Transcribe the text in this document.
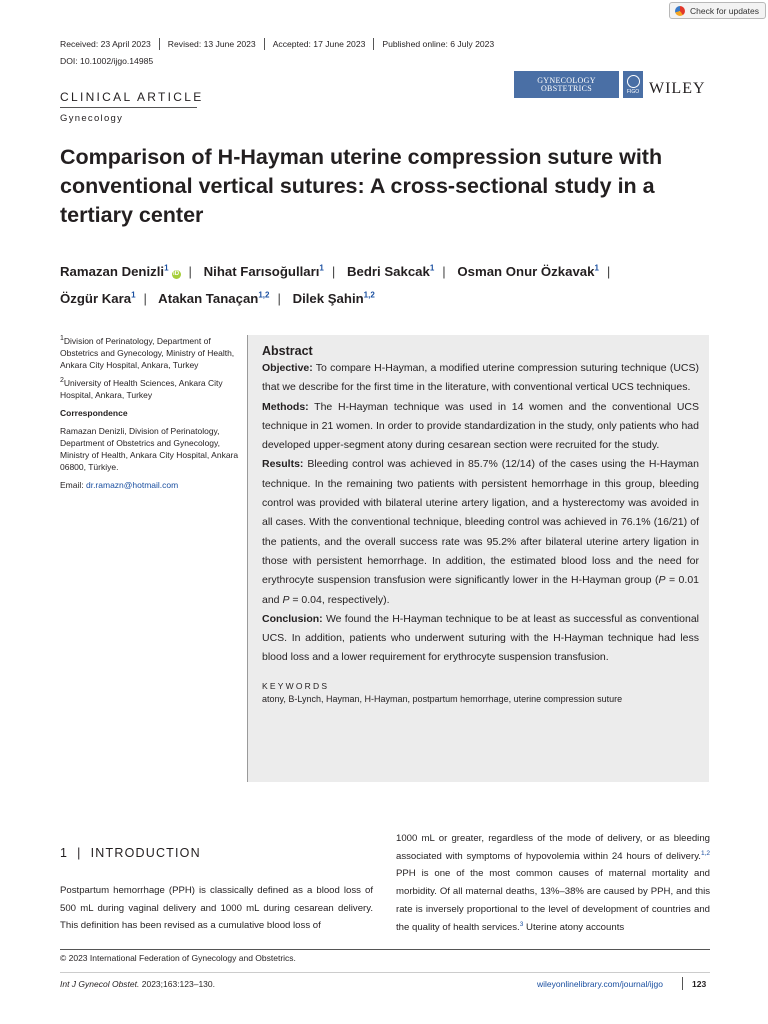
Check for updates
Received: 23 April 2023	Revised: 13 June 2023	Accepted: 17 June 2023	Published online: 6 July 2023
DOI: 10.1002/ijgo.14985
CLINICAL ARTICLE
Gynecology
GYNECOLOGY
OBSTETRICS	FIGO WILEY
Comparison of H-Hayman uterine compression suture with conventional vertical sutures: A cross-sectional study in a tertiary center
Ramazan Denizli$^1$iD | Nihat Farısoğulları$^1$ | Bedri Sakcak$^1$ | Osman Onur Özkavak$^1$ |
Özgür Kara$^1$ | Atakan Tanaçan$^{1,2}$ | Dilek Şahin$^{1,2}$

$^1$Division of Perinatology, Department of Obstetrics and Gynecology, Ministry of Health, Ankara City Hospital, Ankara, Turkey

$^2$University of Health Sciences, Ankara City Hospital, Ankara, Turkey

Correspondence

Ramazan Denizli, Division of Perinatology, Department of Obstetrics and Gynecology, Ministry of Health, Ankara City Hospital, Ankara 06800, Türkiye.

Email: dr.ramazn@hotmail.com

Abstract

Objective: To compare H-Hayman, a modified uterine compression suturing technique (UCS) that we describe for the first time in the literature, with conventional vertical UCS techniques.

Methods: The H-Hayman technique was used in 14 women and the conventional UCS technique in 21 women. In order to provide standardization in the study, only patients who had developed upper-segment atony during cesarean section were recruited for the study.

Results: Bleeding control was achieved in 85.7% (12/14) of the cases using the H-Hayman technique. In the remaining two patients with persistent hemorrhage in this group, bleeding control was provided with bilateral uterine artery ligation, and a hysterectomy was avoided in all cases. With the conventional technique, bleeding control was achieved in 76.1% (16/21) of the patients, and the overall success rate was 95.2% after bilateral uterine artery ligation in those with persistent hemorrhage. In addition, the estimated blood loss and the need for erythrocyte suspension transfusion were significantly lower in the H-Hayman group (P = 0.01 and P = 0.04, respectively).

Conclusion: We found the H-Hayman technique to be at least as successful as conventional UCS. In addition, patients who underwent suturing with the H-Hayman technique had less blood loss and a lower requirement for erythrocyte suspension transfusion.

KEYWORDS

atony, B-Lynch, Hayman, H-Hayman, postpartum hemorrhage, uterine compression suture

1 | INTRODUCTION

Postpartum hemorrhage (PPH) is classically defined as a blood loss of 500 mL during vaginal delivery and 1000 mL during cesarean delivery. This definition has been revised as a cumulative blood loss of

1000 mL or greater, regardless of the mode of delivery, or as bleeding associated with symptoms of hypovolemia within 24 hours of delivery.$^{1,2}$ PPH is one of the most common causes of maternal mortality and morbidity. Of all maternal deaths, 13%–38% are caused by PPH, and this rate is inversely proportional to the level of development of countries and the quality of health services.$^3$ Uterine atony accounts

© 2023 International Federation of Gynecology and Obstetrics.
Int J Gynecol Obstet. 2023;163:123–130.	wileyonlinelibrary.com/journal/ijgo	123
